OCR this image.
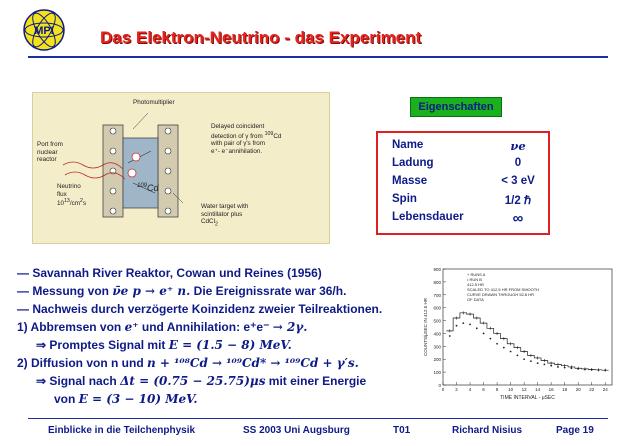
MPI	Das Elektron-Neutrino - das Experiment
Photomultiplier
Port from
nuclear
reactor
Neutrino
flux
$10^{13}/cm^2s$
Delayed coincident
detection of γ from $^{109}$Cd
with pair of γ's from
e⁺- e⁻annihilation.
Water target with
scintillator plus
CdCl$_2$
$^{109}$Cd
Eigenschaften
Name	νe
Ladung	0
Masse	< 3 eV
Spin	1/2 ℏ
Lebensdauer	∞
— Savannah River Reaktor, Cowan und Reines (1956)
— Messung von ν̄e p → e⁺ n. Die Ereignissrate war 36/h.
— Nachweis durch verzögerte Koinzidenz zweier Teilreaktionen.
1) Abbremsen von e⁺ und Annihilation: e⁺e⁻ → 2γ.
⇒ Promptes Signal mit E = (1.5 − 8) MeV.
2) Diffusion von n und n + ¹⁰⁸Cd → ¹⁰⁹Cd* → ¹⁰⁹Cd + γ′s.
⇒ Signal nach Δt = (0.75 − 25.75)μs mit einer Energie
von E = (3 − 10) MeV.
0
100
200
300
400
500
600
700
800
900
0 2 4 6 8 10 12 14 16 18 20 22 24
TIME INTERVAL - μSEC
COUNTS/μSEC IN 412.5 HR
+ RUNS A
• RUN B
412.5 HR
SCALED TO 412.5 HR FROM SMOOTH
CURVE DRAWN THROUGH 52.8 HR
OF DATA
Einblicke in die Teilchenphysik	SS 2003 Uni Augsburg	T01	Richard Nisius	Page 19
